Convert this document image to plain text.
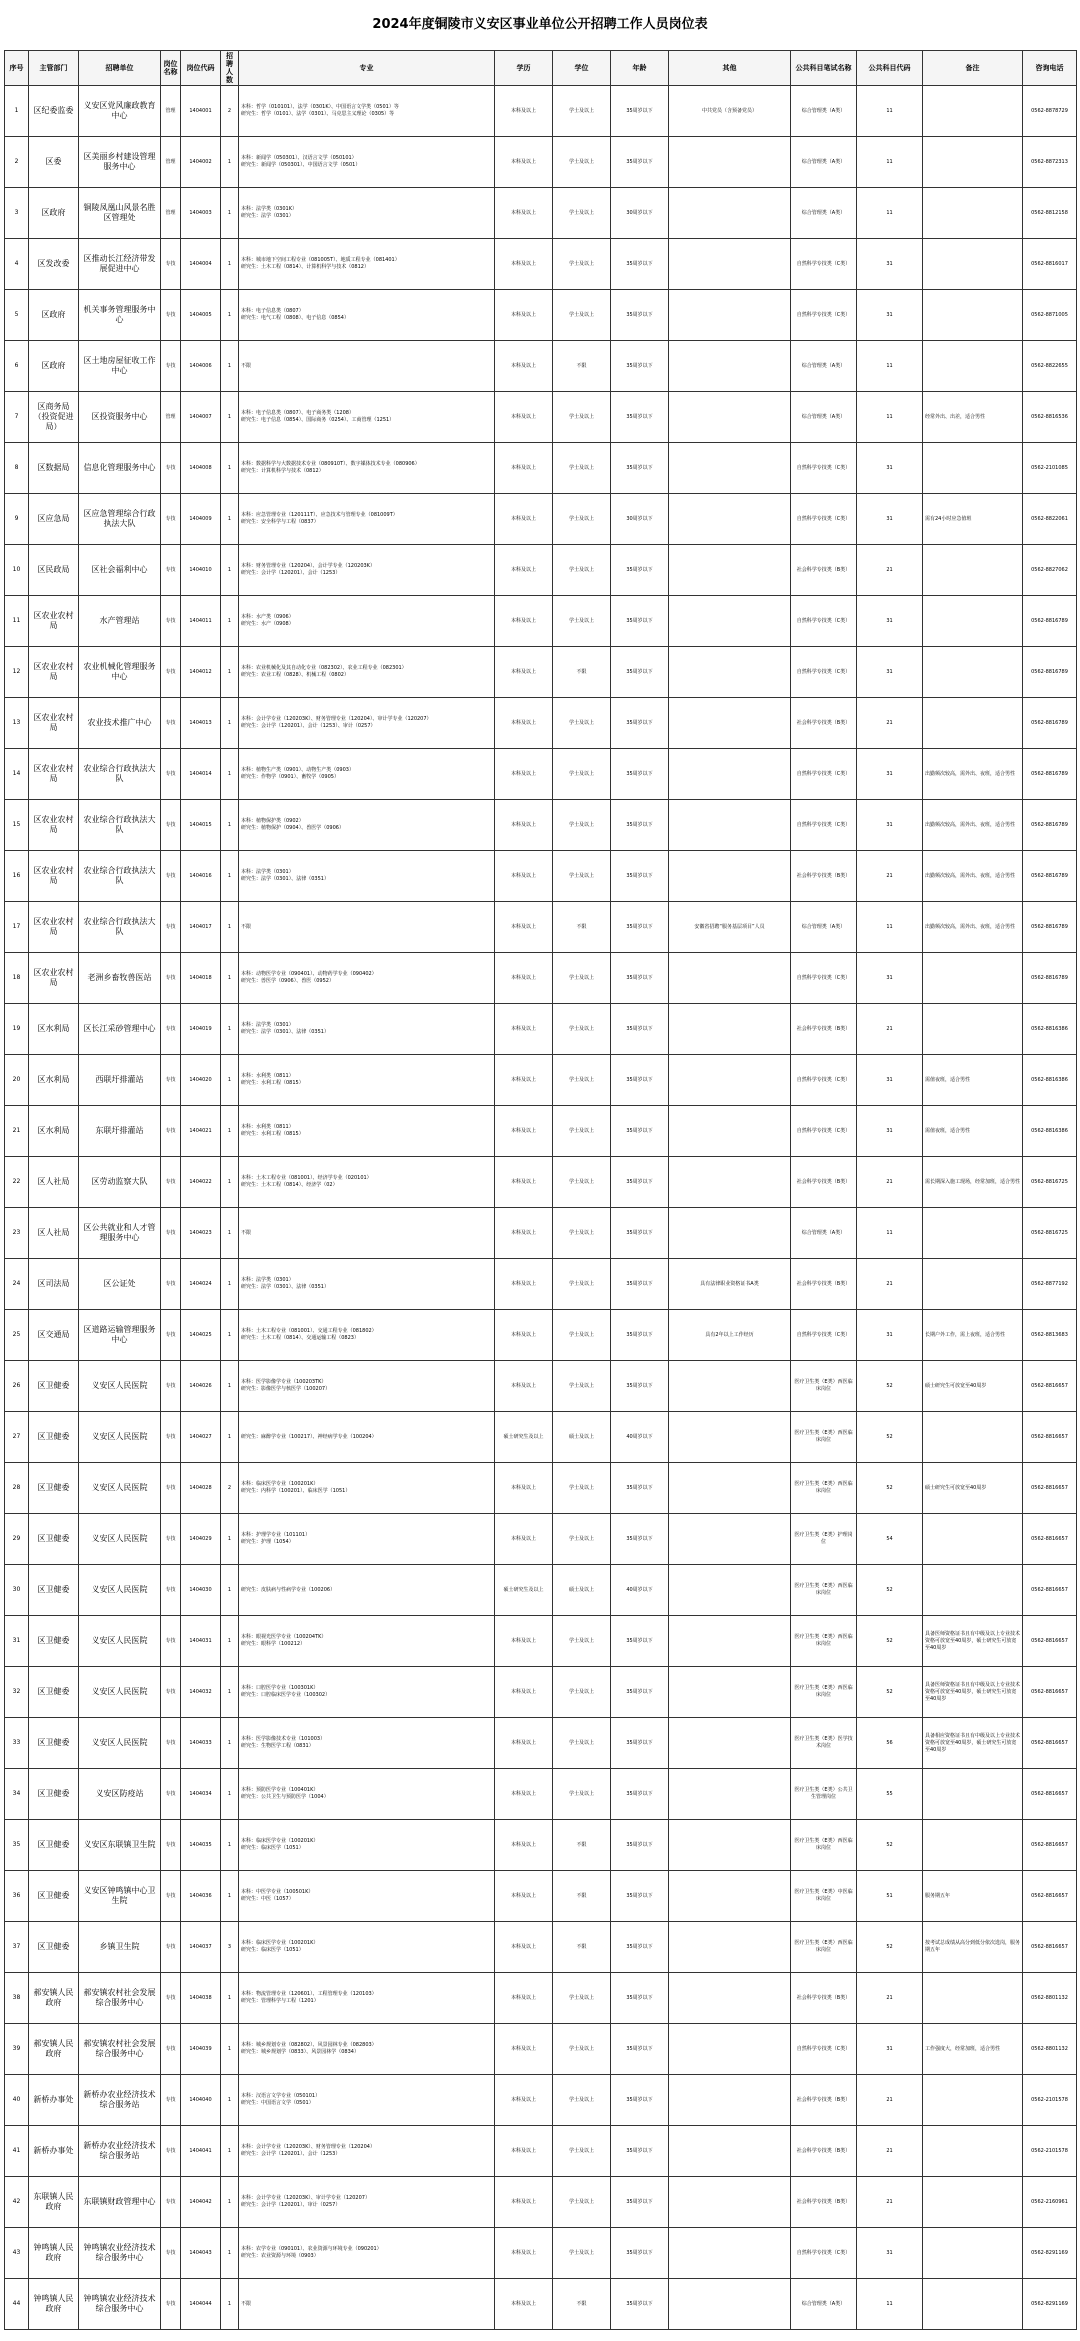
2024年度铜陵市义安区事业单位公开招聘工作人员岗位表
序号	主管部门	招聘单位	岗位名称	岗位代码	招聘人数	专业	学历	学位	年龄	其他	公共科目笔试名称	公共科目代码	备注	咨询电话
1	区纪委监委	义安区党风廉政教育中心	管理	1404001	2	本科：哲学（010101）、法学（0301K）、中国语言文学类（0501）等
研究生：哲学（0101）、法学（0301）、马克思主义理论（0305）等	本科及以上	学士及以上	35周岁以下	中共党员（含预备党员）	综合管理类（A类）	11		0562-8878729
2	区委	区美丽乡村建设管理服务中心	管理	1404002	1	本科：新闻学（050301）、汉语言文学（050101）
研究生：新闻学（050301）、中国语言文学（0501）	本科及以上	学士及以上	35周岁以下		综合管理类（A类）	11		0562-8872313
3	区政府	铜陵凤凰山风景名胜区管理处	管理	1404003	1	本科：法学类（0301K）
研究生：法学（0301）	本科及以上	学士及以上	30周岁以下		综合管理类（A类）	11		0562-8812158
4	区发改委	区推动长江经济带发展促进中心	专技	1404004	1	本科：城市地下空间工程专业（081005T）、地质工程专业（081401）
研究生：土木工程（0814）、计算机科学与技术（0812）	本科及以上	学士及以上	35周岁以下		自然科学专技类（C类）	31		0562-8816017
5	区政府	机关事务管理服务中心	专技	1404005	1	本科：电子信息类（0807）
研究生：电气工程（0808）、电子信息（0854）	本科及以上	学士及以上	35周岁以下		自然科学专技类（C类）	31		0562-8871005
6	区政府	区土地房屋征收工作中心	专技	1404006	1	不限	本科及以上	不限	35周岁以下		综合管理类（A类）	11		0562-8822655
7	区商务局（投资促进局）	区投资服务中心	管理	1404007	1	本科：电子信息类（0807）、电子商务类（1208）
研究生：电子信息（0854）、国际商务（0254）、工商管理（1251）	本科及以上	学士及以上	35周岁以下		综合管理类（A类）	11	经常外出、出差，适合男性	0562-8816536
8	区数据局	信息化管理服务中心	专技	1404008	1	本科：数据科学与大数据技术专业（080910T）、数字媒体技术专业（080906）
研究生：计算机科学与技术（0812）	本科及以上	学士及以上	35周岁以下		自然科学专技类（C类）	31		0562-2101085
9	区应急局	区应急管理综合行政执法大队	专技	1404009	1	本科：应急管理专业（120111T）、应急技术与管理专业（081009T）
研究生：安全科学与工程（0837）	本科及以上	学士及以上	30周岁以下		自然科学专技类（C类）	31	需有24小时应急值班	0562-8822061
10	区民政局	区社会福利中心	专技	1404010	1	本科：财务管理专业（120204）、会计学专业（120203K）
研究生：会计学（120201）、会计（1253）	本科及以上	学士及以上	35周岁以下		社会科学专技类（B类）	21		0562-8827062
11	区农业农村局	水产管理站	专技	1404011	1	本科：水产类（0906）
研究生：水产（0908）	本科及以上	学士及以上	35周岁以下		自然科学专技类（C类）	31		0562-8816789
12	区农业农村局	农业机械化管理服务中心	专技	1404012	1	本科：农业机械化及其自动化专业（082302）、农业工程专业（082301）
研究生：农业工程（0828）、机械工程（0802）	本科及以上	不限	35周岁以下		自然科学专技类（C类）	31		0562-8816789
13	区农业农村局	农业技术推广中心	专技	1404013	1	本科：会计学专业（120203K）、财务管理专业（120204）、审计学专业（120207）
研究生：会计学（120201）、会计（1253）、审计（0257）	本科及以上	学士及以上	35周岁以下		社会科学专技类（B类）	21		0562-8816789
14	区农业农村局	农业综合行政执法大队	专技	1404014	1	本科：植物生产类（0901）、动物生产类（0903）
研究生：作物学（0901）、畜牧学（0905）	本科及以上	学士及以上	35周岁以下		自然科学专技类（C类）	31	出勤频次较高，需外出、夜班，适合男性	0562-8816789
15	区农业农村局	农业综合行政执法大队	专技	1404015	1	本科：植物保护类（0902）
研究生：植物保护（0904）、兽医学（0906）	本科及以上	学士及以上	35周岁以下		自然科学专技类（C类）	31	出勤频次较高，需外出、夜班，适合男性	0562-8816789
16	区农业农村局	农业综合行政执法大队	专技	1404016	1	本科：法学类（0301）
研究生：法学（0301）、法律（0351）	本科及以上	学士及以上	35周岁以下		社会科学专技类（B类）	21	出勤频次较高，需外出、夜班，适合男性	0562-8816789
17	区农业农村局	农业综合行政执法大队	专技	1404017	1	不限	本科及以上	不限	35周岁以下	安徽省招聘“服务基层项目”人员	综合管理类（A类）	11	出勤频次较高，需外出、夜班，适合男性	0562-8816789
18	区农业农村局	老洲乡畜牧兽医站	专技	1404018	1	本科：动物医学专业（090401）、动物药学专业（090402）
研究生：兽医学（0906）、兽医（0952）	本科及以上	学士及以上	35周岁以下		自然科学专技类（C类）	31		0562-8816789
19	区水利局	区长江采砂管理中心	专技	1404019	1	本科：法学类（0301）
研究生：法学（0301）、法律（0351）	本科及以上	学士及以上	35周岁以下		社会科学专技类（B类）	21		0562-8816386
20	区水利局	西联圩排灌站	专技	1404020	1	本科：水利类（0811）
研究生：水利工程（0815）	本科及以上	学士及以上	35周岁以下		自然科学专技类（C类）	31	需值夜班，适合男性	0562-8816386
21	区水利局	东联圩排灌站	专技	1404021	1	本科：水利类（0811）
研究生：水利工程（0815）	本科及以上	学士及以上	35周岁以下		自然科学专技类（C类）	31	需值夜班，适合男性	0562-8816386
22	区人社局	区劳动监察大队	专技	1404022	1	本科：土木工程专业（081001）、经济学专业（020101）
研究生：土木工程（0814）、经济学（02）	本科及以上	学士及以上	35周岁以下		社会科学专技类（B类）	21	需长期深入施工现场，经常加班，适合男性	0562-8816725
23	区人社局	区公共就业和人才管理服务中心	专技	1404023	1	不限	本科及以上	学士及以上	35周岁以下		综合管理类（A类）	11		0562-8816725
24	区司法局	区公证处	专技	1404024	1	本科：法学类（0301）
研究生：法学（0301）、法律（0351）	本科及以上	学士及以上	35周岁以下	具有法律职业资格证书A类	社会科学专技类（B类）	21		0562-8877192
25	区交通局	区道路运输管理服务中心	专技	1404025	1	本科：土木工程专业（081001）、交通工程专业（081802）
研究生：土木工程（0814）、交通运输工程（0823）	本科及以上	学士及以上	35周岁以下	具有2年以上工作经历	自然科学专技类（C类）	31	长期户外工作，需上夜班，适合男性	0562-8813683
26	区卫健委	义安区人民医院	专技	1404026	1	本科：医学影像学专业（100203TK）
研究生：影像医学与核医学（100207）	本科及以上	学士及以上	35周岁以下		医疗卫生类（E类）西医临床岗位	52	硕士研究生可放宽至40周岁	0562-8816657
27	区卫健委	义安区人民医院	专技	1404027	1	研究生：麻醉学专业（100217）、神经病学专业（100204）	硕士研究生及以上	硕士及以上	40周岁以下		医疗卫生类（E类）西医临床岗位	52		0562-8816657
28	区卫健委	义安区人民医院	专技	1404028	2	本科：临床医学专业（100201K）
研究生：内科学（100201）、临床医学（1051）	本科及以上	学士及以上	35周岁以下		医疗卫生类（E类）西医临床岗位	52	硕士研究生可放宽至40周岁	0562-8816657
29	区卫健委	义安区人民医院	专技	1404029	1	本科：护理学专业（101101）
研究生：护理（1054）	本科及以上	学士及以上	35周岁以下		医疗卫生类（E类）护理岗位	54		0562-8816657
30	区卫健委	义安区人民医院	专技	1404030	1	研究生：皮肤病与性病学专业（100206）	硕士研究生及以上	硕士及以上	40周岁以下		医疗卫生类（E类）西医临床岗位	52		0562-8816657
31	区卫健委	义安区人民医院	专技	1404031	1	本科：眼视光医学专业（100204TK）
研究生：眼科学（100212）	本科及以上	学士及以上	35周岁以下		医疗卫生类（E类）西医临床岗位	52	具备医师资格证书且有中级及以上专业技术资格可放宽至40周岁，硕士研究生可放宽至40周岁	0562-8816657
32	区卫健委	义安区人民医院	专技	1404032	1	本科：口腔医学专业（100301K）
研究生：口腔临床医学专业（100302）	本科及以上	学士及以上	35周岁以下		医疗卫生类（E类）西医临床岗位	52	具备医师资格证书且有中级及以上专业技术资格可放宽至40周岁，硕士研究生可放宽至40周岁	0562-8816657
33	区卫健委	义安区人民医院	专技	1404033	1	本科：医学影像技术专业（101003）
研究生：生物医学工程（0831）	本科及以上	学士及以上	35周岁以下		医疗卫生类（E类）医学技术岗位	56	具备相应资格证书且有中级及以上专业技术资格可放宽至40周岁，硕士研究生可放宽至40周岁	0562-8816657
34	区卫健委	义安区防疫站	专技	1404034	1	本科：预防医学专业（100401K）
研究生：公共卫生与预防医学（1004）	本科及以上	学士及以上	35周岁以下		医疗卫生类（E类）公共卫生管理岗位	55		0562-8816657
35	区卫健委	义安区东联镇卫生院	专技	1404035	1	本科：临床医学专业（100201K）
研究生：临床医学（1051）	本科及以上	不限	35周岁以下		医疗卫生类（E类）西医临床岗位	52		0562-8816657
36	区卫健委	义安区钟鸣镇中心卫生院	专技	1404036	1	本科：中医学专业（100501K）
研究生：中医（1057）	本科及以上	不限	35周岁以下		医疗卫生类（E类）中医临床岗位	51	服务期五年	0562-8816657
37	区卫健委	乡镇卫生院	专技	1404037	3	本科：临床医学专业（100201K）
研究生：临床医学（1051）	本科及以上	不限	35周岁以下		医疗卫生类（E类）西医临床岗位	52	按考试总成绩从高分到低分依次选岗，服务期五年	0562-8816657
38	郝安镇人民政府	郝安镇农村社会发展综合服务中心	专技	1404038	1	本科：物流管理专业（120601）、工程管理专业（120103）
研究生：管理科学与工程（1201）	本科及以上	学士及以上	35周岁以下		社会科学专技类（B类）	21		0562-8801132
39	郝安镇人民政府	郝安镇农村社会发展综合服务中心	专技	1404039	1	本科：城乡规划专业（082802）、风景园林专业（082803）
研究生：城乡规划学（0833）、风景园林学（0834）	本科及以上	学士及以上	35周岁以下		自然科学专技类（C类）	31	工作强度大，经常加班，适合男性	0562-8801132
40	新桥办事处	新桥办农业经济技术综合服务站	专技	1404040	1	本科：汉语言文学专业（050101）
研究生：中国语言文学（0501）	本科及以上	学士及以上	35周岁以下		社会科学专技类（B类）	21		0562-2101578
41	新桥办事处	新桥办农业经济技术综合服务站	专技	1404041	1	本科：会计学专业（120203K）、财务管理专业（120204）
研究生：会计学（120201）、会计（1253）	本科及以上	学士及以上	35周岁以下		社会科学专技类（B类）	21		0562-2101578
42	东联镇人民政府	东联镇财政管理中心	专技	1404042	1	本科：会计学专业（120203K）、审计学专业（120207）
研究生：会计学（120201）、审计（0257）	本科及以上	学士及以上	35周岁以下		社会科学专技类（B类）	21		0562-2160961
43	钟鸣镇人民政府	钟鸣镇农业经济技术综合服务中心	专技	1404043	1	本科：农学专业（090101）、农业资源与环境专业（090201）
研究生：农业资源与环境（0903）	本科及以上	学士及以上	35周岁以下		自然科学专技类（C类）	31		0562-8291169
44	钟鸣镇人民政府	钟鸣镇农业经济技术综合服务中心	专技	1404044	1	不限	本科及以上	不限	35周岁以下		综合管理类（A类）	11		0562-8291169
